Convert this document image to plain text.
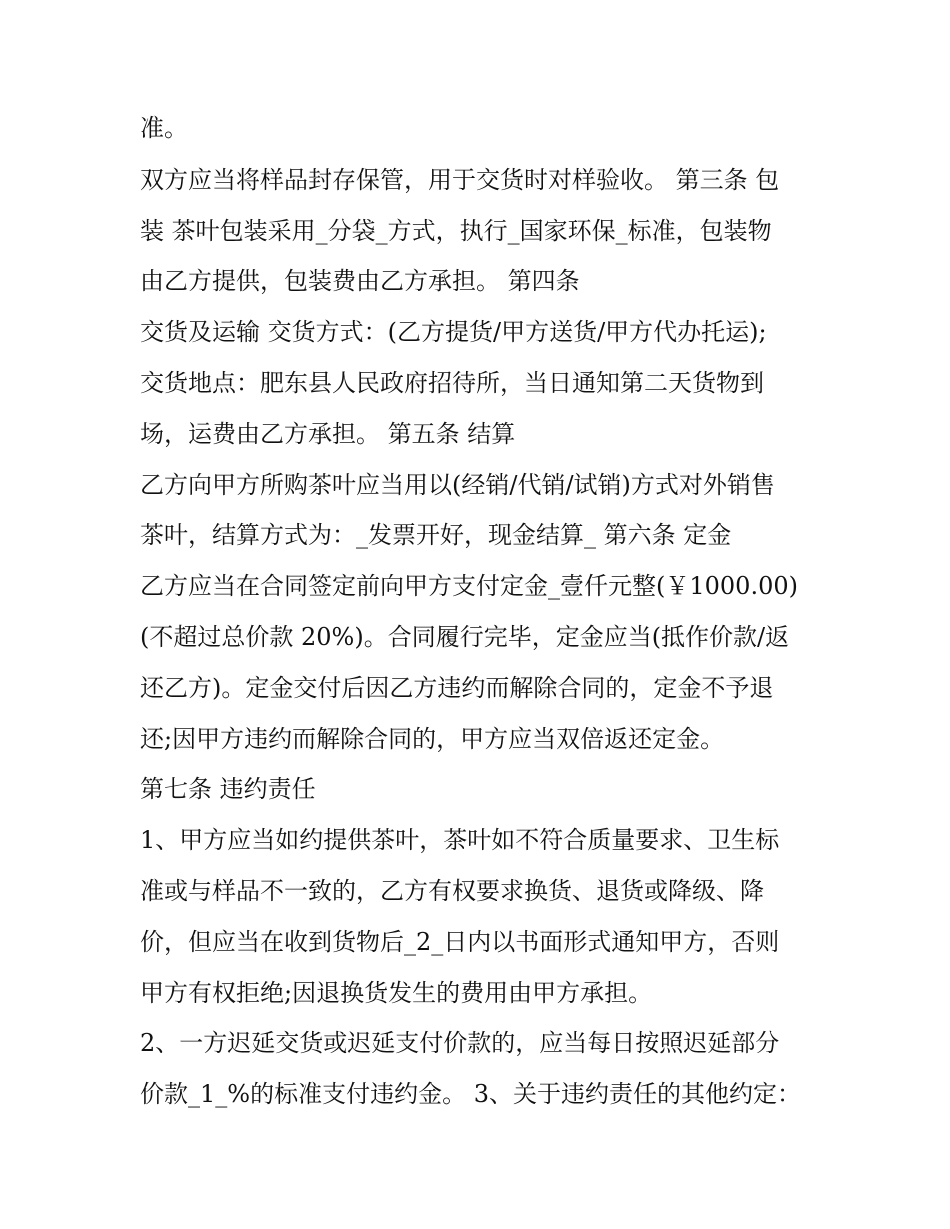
准。

双方应当将样品封存保管，用于交货时对样验收。 第三条 包

装 茶叶包装采用_分袋_方式，执行_国家环保_标准，包装物

由乙方提供，包装费由乙方承担。 第四条

交货及运输 交货方式：(乙方提货/甲方送货/甲方代办托运);

交货地点：肥东县人民政府招待所，当日通知第二天货物到

场，运费由乙方承担。 第五条 结算

乙方向甲方所购茶叶应当用以(经销/代销/试销)方式对外销售

茶叶，结算方式为：_发票开好，现金结算_ 第六条 定金

乙方应当在合同签定前向甲方支付定金_壹仟元整(￥1000.00)

(不超过总价款 20%)。合同履行完毕，定金应当(抵作价款/返

还乙方)。定金交付后因乙方违约而解除合同的，定金不予退

还;因甲方违约而解除合同的，甲方应当双倍返还定金。

第七条 违约责任

1、甲方应当如约提供茶叶，茶叶如不符合质量要求、卫生标

准或与样品不一致的，乙方有权要求换货、退货或降级、降

价，但应当在收到货物后_2_日内以书面形式通知甲方，否则

甲方有权拒绝;因退换货发生的费用由甲方承担。

2、一方迟延交货或迟延支付价款的，应当每日按照迟延部分

价款_1_%的标准支付违约金。 3、关于违约责任的其他约定：
